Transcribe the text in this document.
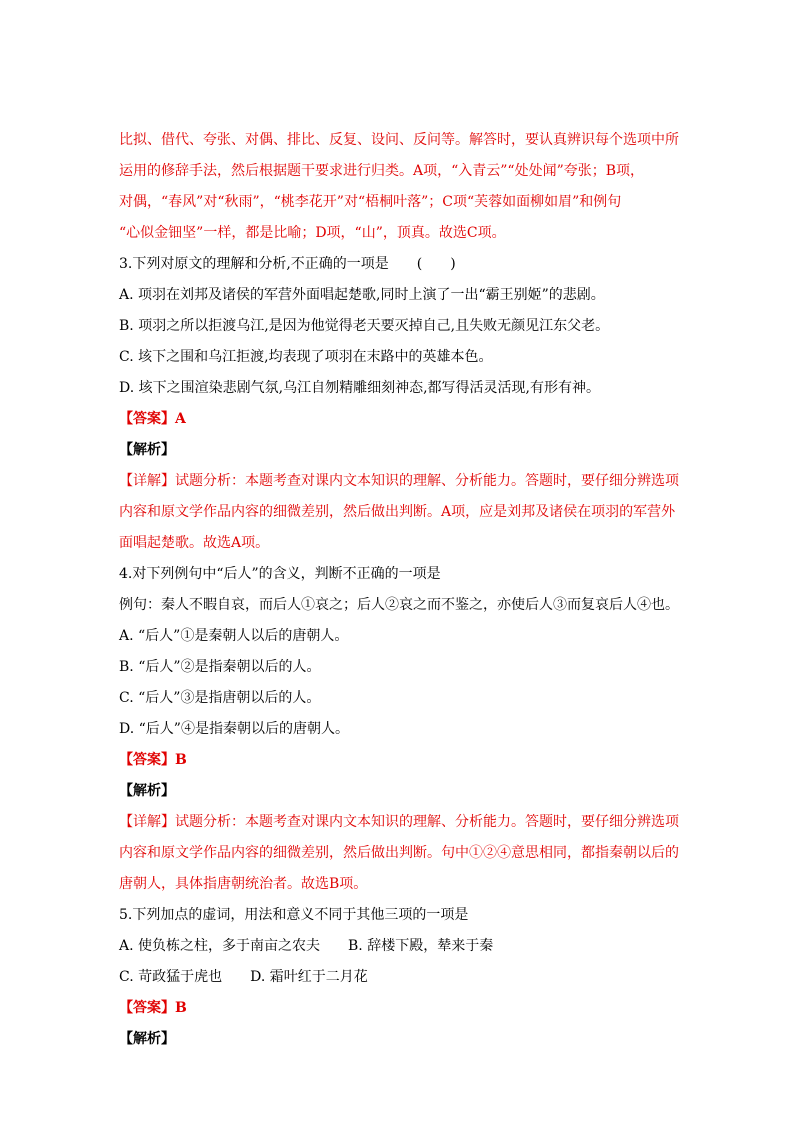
比拟、借代、夸张、对偶、排比、反复、设问、反问等。解答时，要认真辨识每个选项中所
运用的修辞手法，然后根据题干要求进行归类。A项，“入青云”“处处闻”夸张；B项，
对偶，“春风”对“秋雨”，“桃李花开”对“梧桐叶落”；C项“芙蓉如面柳如眉”和例句
“心似金钿坚”一样，都是比喻；D项，“山”，顶真。故选C项。
3.下列对原文的理解和分析,不正确的一项是　　(　　)
A. 项羽在刘邦及诸侯的军营外面唱起楚歌,同时上演了一出“霸王别姬”的悲剧。
B. 项羽之所以拒渡乌江,是因为他觉得老天要灭掉自己,且失败无颜见江东父老。
C. 垓下之围和乌江拒渡,均表现了项羽在末路中的英雄本色。
D. 垓下之围渲染悲剧气氛,乌江自刎精雕细刻神态,都写得活灵活现,有形有神。
【答案】A
【解析】
【详解】试题分析：本题考查对课内文本知识的理解、分析能力。答题时，要仔细分辨选项
内容和原文学作品内容的细微差别，然后做出判断。A项，应是刘邦及诸侯在项羽的军营外
面唱起楚歌。故选A项。
4.对下列例句中“后人”的含义，判断不正确的一项是
例句：秦人不暇自哀，而后人①哀之；后人②哀之而不鉴之，亦使后人③而复哀后人④也。
A. “后人”①是秦朝人以后的唐朝人。
B. “后人”②是指秦朝以后的人。
C. “后人”③是指唐朝以后的人。
D. “后人”④是指秦朝以后的唐朝人。
【答案】B
【解析】
【详解】试题分析：本题考查对课内文本知识的理解、分析能力。答题时，要仔细分辨选项
内容和原文学作品内容的细微差别，然后做出判断。句中①②④意思相同，都指秦朝以后的
唐朝人，具体指唐朝统治者。故选B项。
5.下列加点的虚词，用法和意义不同于其他三项的一项是
A. 使负栋之柱，多于南亩之农夫　　B. 辞楼下殿，辇来于秦
C. 苛政猛于虎也　　D. 霜叶红于二月花
【答案】B
【解析】
